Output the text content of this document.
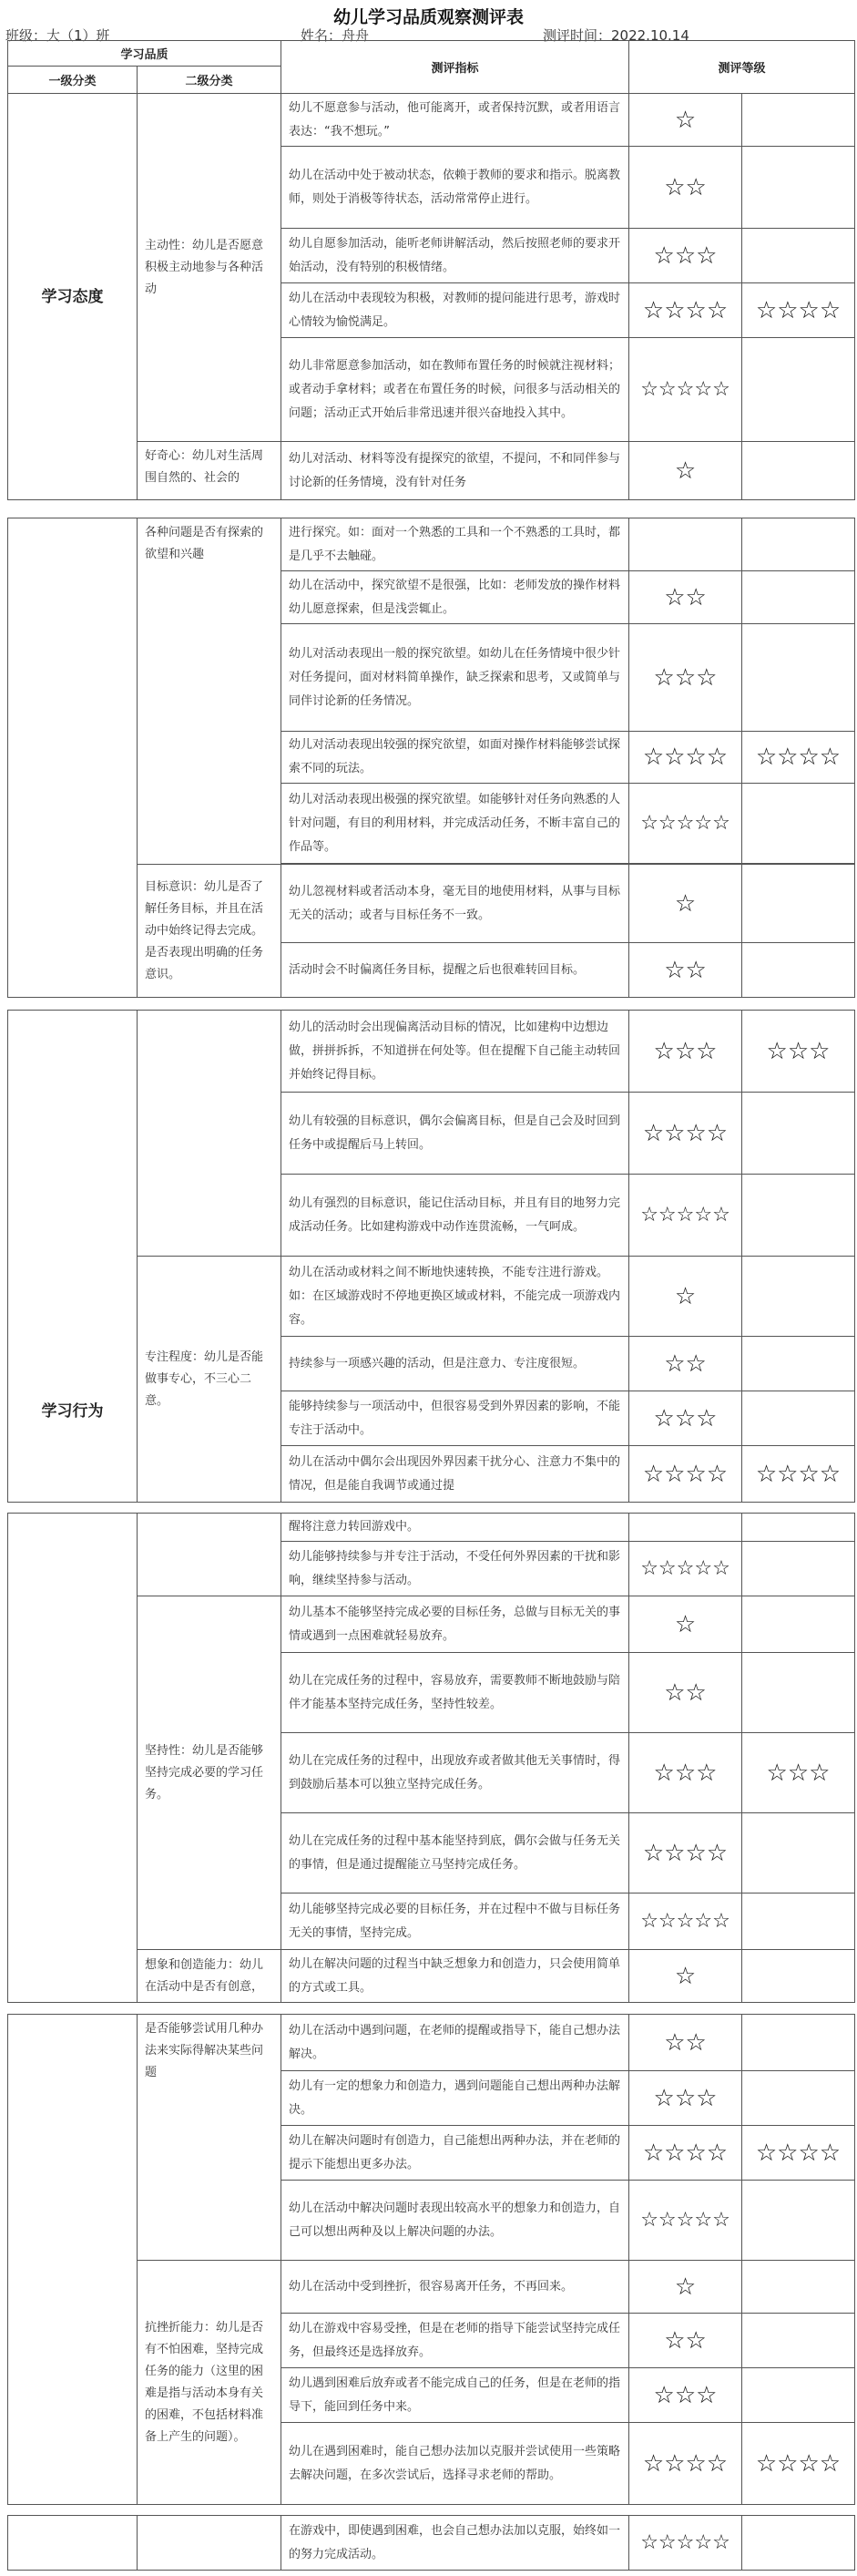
幼儿学习品质观察测评表
班级：大（1）班	姓名：舟舟	测评时间：2022.10.14
学习品质		测评指标	测评等级	
一级分类	二级分类			
学习态度	主动性：幼儿是否愿意积极主动地参与各种活动	幼儿不愿意参与活动，他可能离开，或者保持沉默，或者用语言表达：“我不想玩。”	☆	
		幼儿在活动中处于被动状态，依赖于教师的要求和指示。脱离教师，则处于消极等待状态，活动常常停止进行。	☆☆	
		幼儿自愿参加活动，能听老师讲解活动，然后按照老师的要求开始活动，没有特别的积极情绪。	☆☆☆	
		幼儿在活动中表现较为积极，对教师的提问能进行思考，游戏时心情较为愉悦满足。	☆☆☆☆	☆☆☆☆
		幼儿非常愿意参加活动，如在教师布置任务的时候就注视材料；或者动手拿材料；或者在布置任务的时候，问很多与活动相关的问题；活动正式开始后非常迅速并很兴奋地投入其中。	☆☆☆☆☆	
	好奇心：幼儿对生活周围自然的、社会的	幼儿对活动、材料等没有提探究的欲望，不提问，不和同伴参与讨论新的任务情境，没有针对任务	☆	
	各种问题是否有探索的欲望和兴趣	进行探究。如：面对一个熟悉的工具和一个不熟悉的工具时，都是几乎不去触碰。		
		幼儿在活动中，探究欲望不是很强，比如：老师发放的操作材料幼儿愿意探索，但是浅尝辄止。	☆☆	
		幼儿对活动表现出一般的探究欲望。如幼儿在任务情境中很少针对任务提问，面对材料简单操作，缺乏探索和思考，又或简单与同伴讨论新的任务情况。	☆☆☆	
		幼儿对活动表现出较强的探究欲望，如面对操作材料能够尝试探索不同的玩法。	☆☆☆☆	☆☆☆☆
		幼儿对活动表现出极强的探究欲望。如能够针对任务向熟悉的人针对问题，有目的利用材料，并完成活动任务，不断丰富自己的作品等。	☆☆☆☆☆	

	目标意识：幼儿是否了解任务目标，并且在活动中始终记得去完成。是否表现出明确的任务意识。	幼儿忽视材料或者活动本身，毫无目的地使用材料，从事与目标无关的活动；或者与目标任务不一致。	☆	
		活动时会不时偏离任务目标，提醒之后也很难转回目标。	☆☆	
学习行为		幼儿的活动时会出现偏离活动目标的情况，比如建构中边想边做，拼拼拆拆，不知道拼在何处等。但在提醒下自己能主动转回并始终记得目标。	☆☆☆	☆☆☆
		幼儿有较强的目标意识，偶尔会偏离目标，但是自己会及时回到任务中或提醒后马上转回。	☆☆☆☆	
		幼儿有强烈的目标意识，能记住活动目标，并且有目的地努力完成活动任务。比如建构游戏中动作连贯流畅，一气呵成。	☆☆☆☆☆	
	专注程度：幼儿是否能做事专心，不三心二意。	幼儿在活动或材料之间不断地快速转换，不能专注进行游戏。如：在区域游戏时不停地更换区域或材料，不能完成一项游戏内容。	☆	
		持续参与一项感兴趣的活动，但是注意力、专注度很短。	☆☆	
		能够持续参与一项活动中，但很容易受到外界因素的影响，不能专注于活动中。	☆☆☆	
		幼儿在活动中偶尔会出现因外界因素干扰分心、注意力不集中的情况，但是能自我调节或通过提	☆☆☆☆	☆☆☆☆
		醒将注意力转回游戏中。		
		幼儿能够持续参与并专注于活动，不受任何外界因素的干扰和影响，继续坚持参与活动。	☆☆☆☆☆	
	坚持性：幼儿是否能够坚持完成必要的学习任务。	幼儿基本不能够坚持完成必要的目标任务，总做与目标无关的事情或遇到一点困难就轻易放弃。	☆	
		幼儿在完成任务的过程中，容易放弃，需要教师不断地鼓励与陪伴才能基本坚持完成任务，坚持性较差。	☆☆	
		幼儿在完成任务的过程中，出现放弃或者做其他无关事情时，得到鼓励后基本可以独立坚持完成任务。	☆☆☆	☆☆☆
		幼儿在完成任务的过程中基本能坚持到底，偶尔会做与任务无关的事情，但是通过提醒能立马坚持完成任务。	☆☆☆☆	
		幼儿能够坚持完成必要的目标任务，并在过程中不做与目标任务无关的事情，坚持完成。	☆☆☆☆☆	
	想象和创造能力：幼儿在活动中是否有创意，	幼儿在解决问题的过程当中缺乏想象力和创造力，只会使用简单的方式或工具。	☆	
	是否能够尝试用几种办法来实际得解决某些问题	幼儿在活动中遇到问题，在老师的提醒或指导下，能自己想办法解决。	☆☆	
		幼儿有一定的想象力和创造力，遇到问题能自己想出两种办法解决。	☆☆☆	
		幼儿在解决问题时有创造力，自己能想出两种办法，并在老师的提示下能想出更多办法。	☆☆☆☆	☆☆☆☆
		幼儿在活动中解决问题时表现出较高水平的想象力和创造力，自己可以想出两种及以上解决问题的办法。	☆☆☆☆☆	
	抗挫折能力：幼儿是否有不怕困难，坚持完成任务的能力（这里的困难是指与活动本身有关的困难，不包括材料准备上产生的问题）。	幼儿在活动中受到挫折，很容易离开任务，不再回来。	☆	
		幼儿在游戏中容易受挫，但是在老师的指导下能尝试坚持完成任务，但最终还是选择放弃。	☆☆	
		幼儿遇到困难后放弃或者不能完成自己的任务，但是在老师的指导下，能回到任务中来。	☆☆☆	
		幼儿在遇到困难时，能自己想办法加以克服并尝试使用一些策略去解决问题，在多次尝试后，选择寻求老师的帮助。	☆☆☆☆	☆☆☆☆
		在游戏中，即使遇到困难，也会自己想办法加以克服，始终如一的努力完成活动。	☆☆☆☆☆	
